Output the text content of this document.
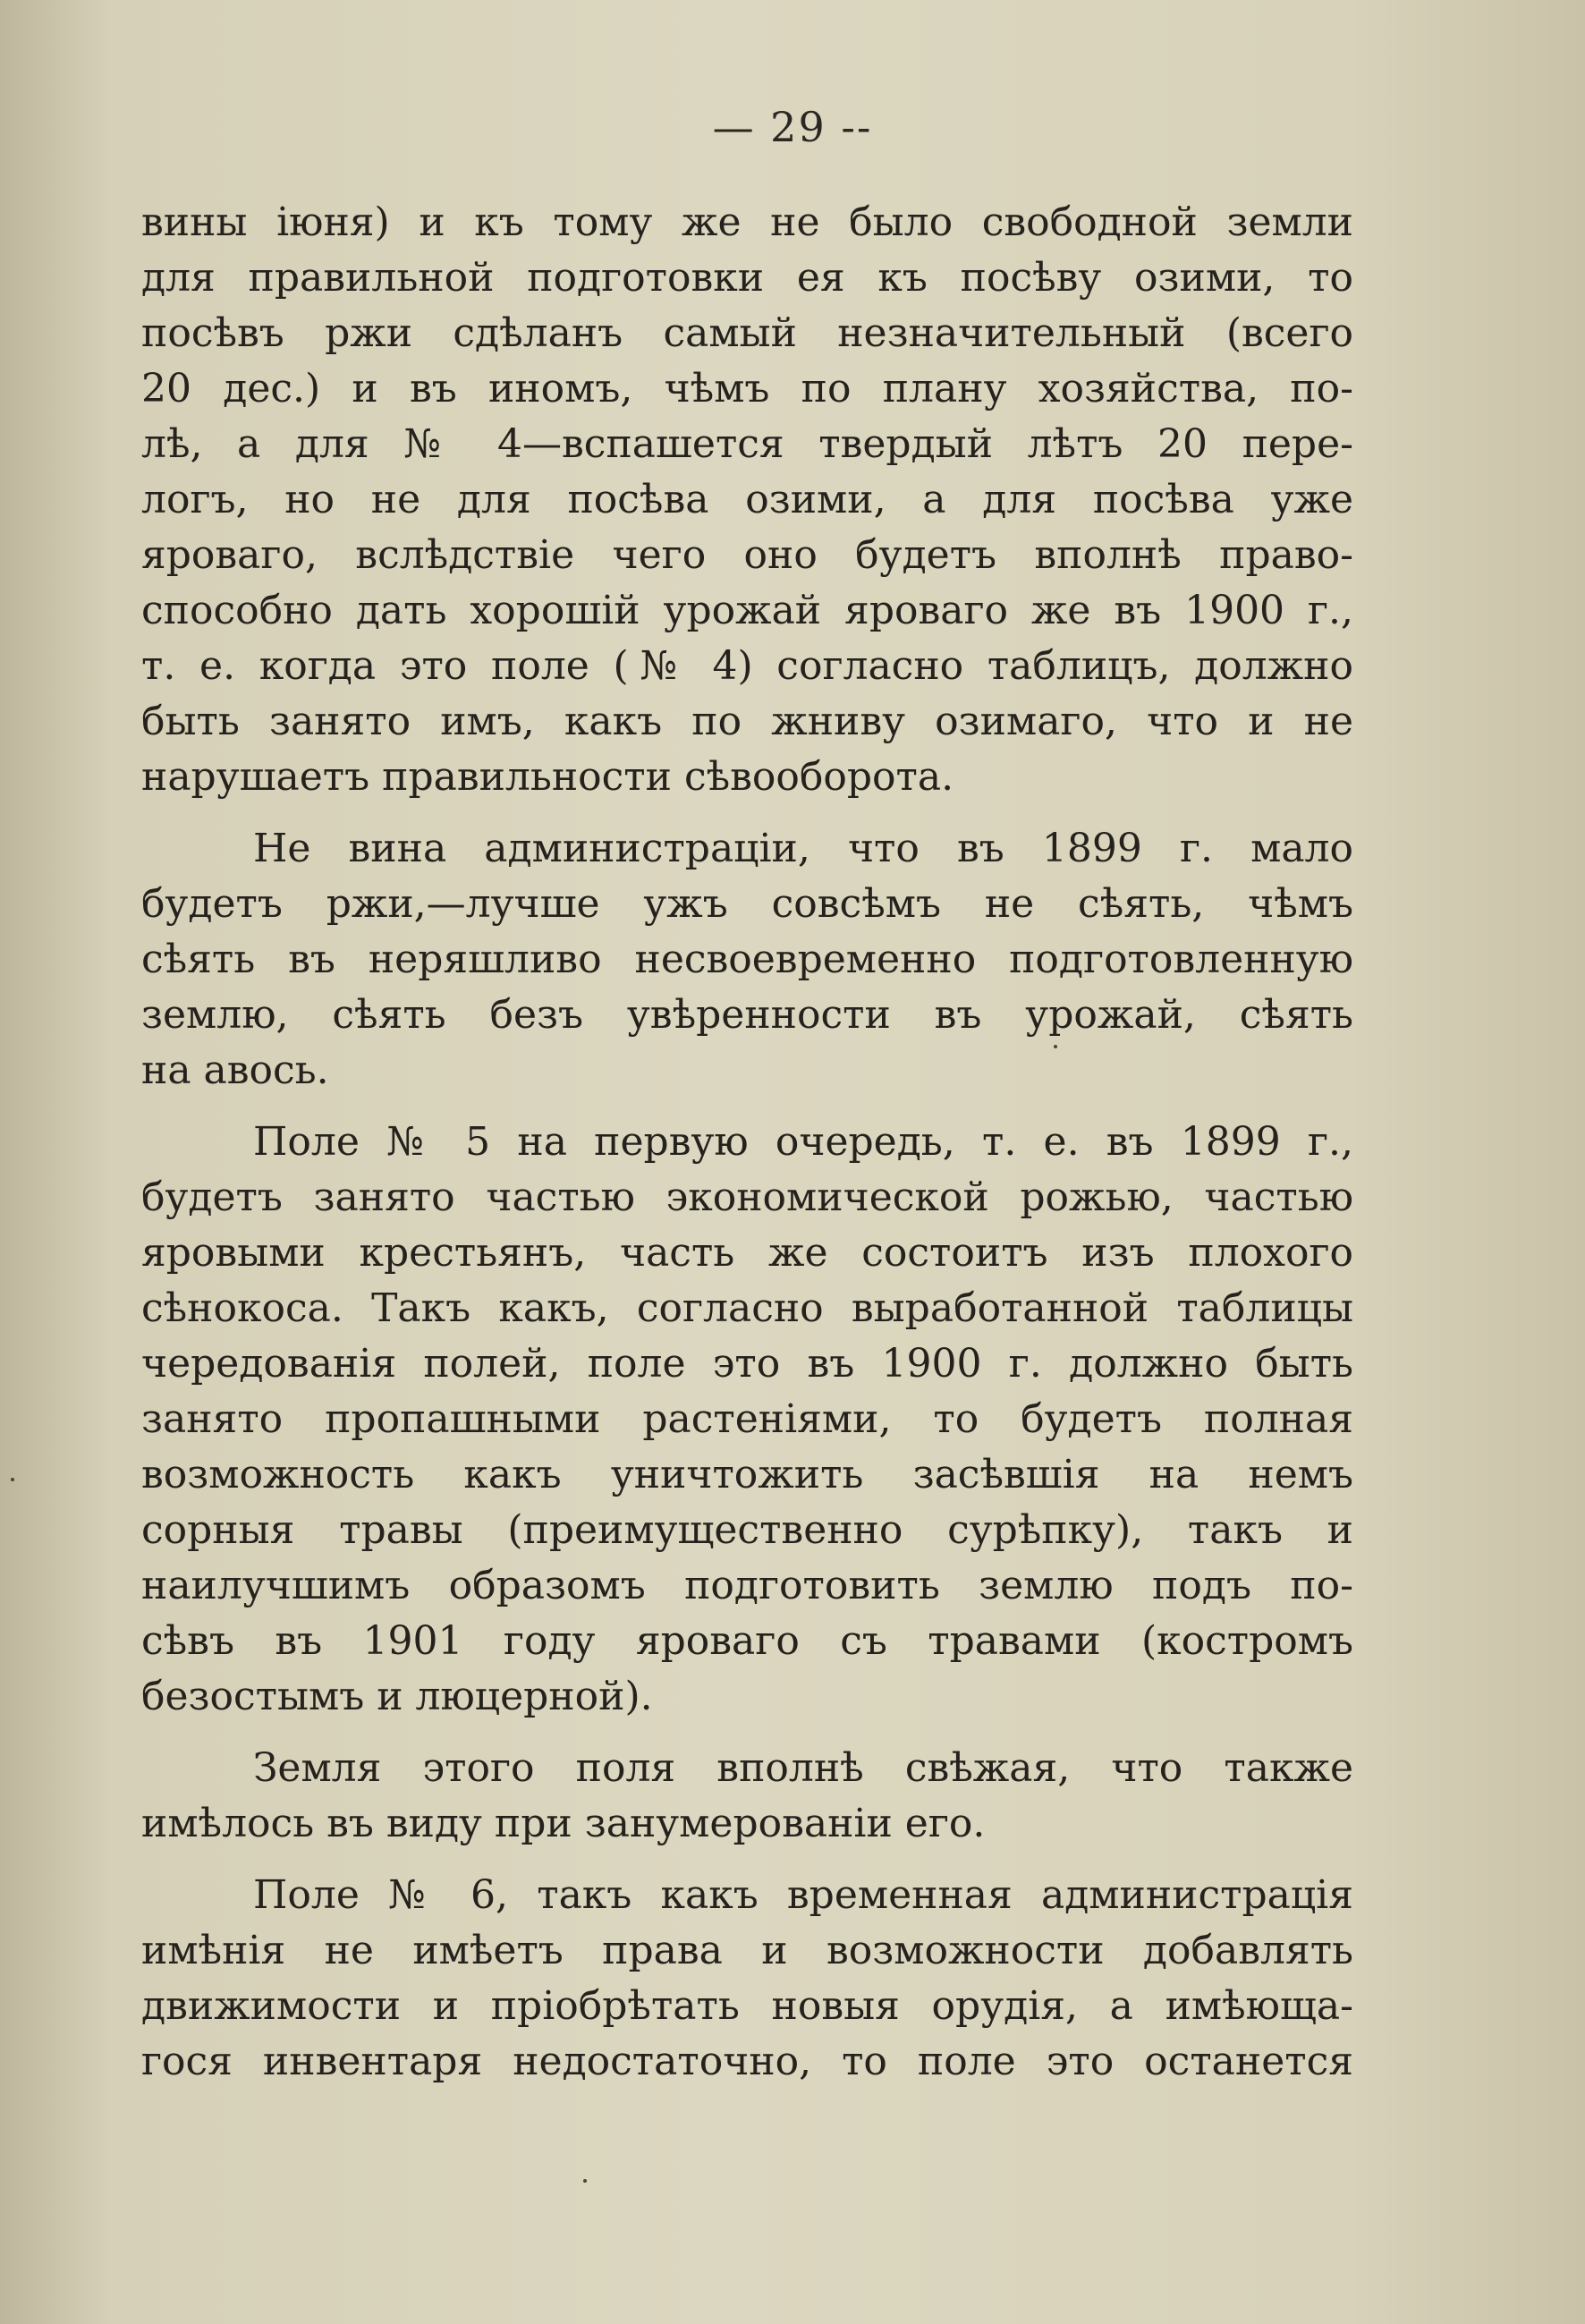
— 29 --
вины іюня) и къ тому же не было свободной земли
для правильной подготовки ея къ посѣву озими, то
посѣвъ ржи сдѣланъ самый незначительный (всего
20 дес.) и въ иномъ, чѣмъ по плану хозяйства, по-
лѣ, а для № 4—вспашется твердый лѣтъ 20 пере-
логъ, но не для посѣва озими, а для посѣва уже
яроваго, вслѣдствіе чего оно будетъ вполнѣ право-
способно дать хорошій урожай яроваго же въ 1900 г.,
т. е. когда это поле (№ 4) согласно таблицъ, должно
быть занято имъ, какъ по жниву озимаго, что и не
нарушаетъ правильности сѣвооборота.
Не вина администраціи, что въ 1899 г. мало
будетъ ржи,—лучше ужъ совсѣмъ не сѣять, чѣмъ
сѣять въ неряшливо несвоевременно подготовленную
землю, сѣять безъ увѣренности въ урожай, сѣять
на авось.
Поле № 5 на первую очередь, т. е. въ 1899 г.,
будетъ занято частью экономической рожью, частью
яровыми крестьянъ, часть же состоитъ изъ плохого
сѣнокоса. Такъ какъ, согласно выработанной таблицы
чередованія полей, поле это въ 1900 г. должно быть
занято пропашными растеніями, то будетъ полная
возможность какъ уничтожить засѣвшія на немъ
сорныя травы (преимущественно сурѣпку), такъ и
наилучшимъ образомъ подготовить землю подъ по-
сѣвъ въ 1901 году яроваго съ травами (костромъ
безостымъ и люцерной).
Земля этого поля вполнѣ свѣжая, что также
имѣлось въ виду при занумерованіи его.
Поле № 6, такъ какъ временная администрація
имѣнія не имѣетъ права и возможности добавлять
движимости и пріобрѣтать новыя орудія, а имѣюща-
гося инвентаря недостаточно, то поле это останется
